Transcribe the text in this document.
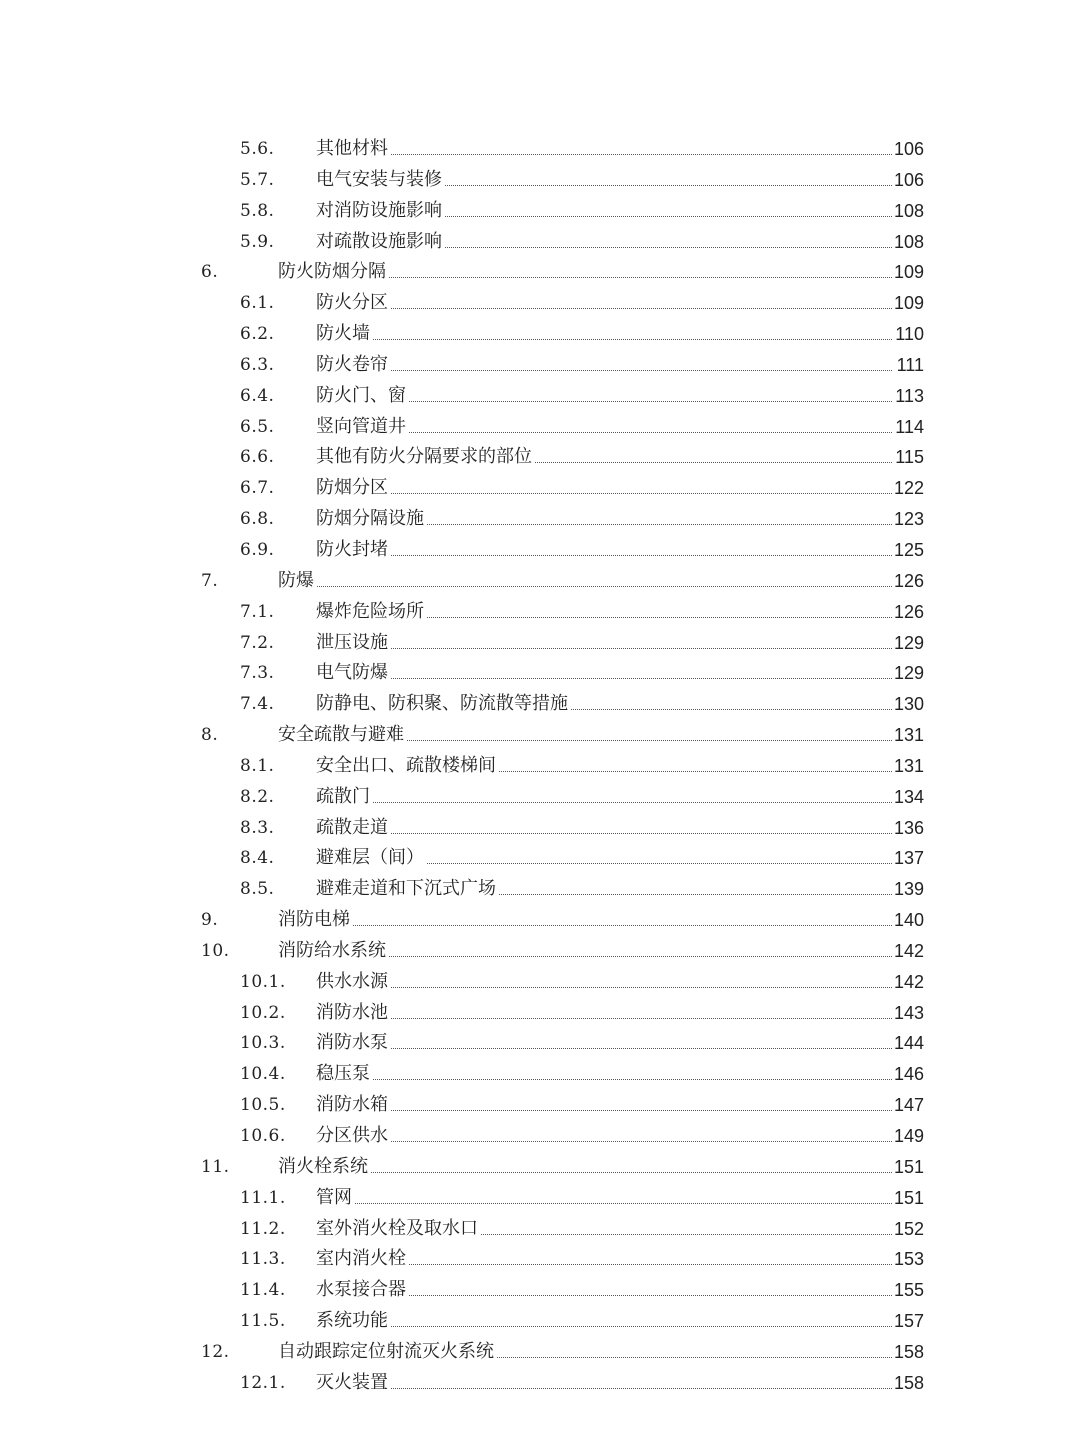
5.6. 其他材料	106
5.7. 电气安装与装修	106
5.8. 对消防设施影响	108
5.9. 对疏散设施影响	108
6.	防火防烟分隔	109
6.1. 防火分区	109
6.2. 防火墙	110
6.3. 防火卷帘	111
6.4. 防火门、窗	113
6.5. 竖向管道井	114
6.6. 其他有防火分隔要求的部位	115
6.7. 防烟分区	122
6.8. 防烟分隔设施	123
6.9. 防火封堵	125
7.	防爆	126
7.1. 爆炸危险场所	126
7.2. 泄压设施	129
7.3. 电气防爆	129
7.4. 防静电、防积聚、防流散等措施	130
8.	安全疏散与避难	131
8.1. 安全出口、疏散楼梯间	131
8.2. 疏散门	134
8.3. 疏散走道	136
8.4. 避难层（间）	137
8.5. 避难走道和下沉式广场	139
9.	消防电梯	140
10.	消防给水系统	142
10.1. 供水水源	142
10.2. 消防水池	143
10.3. 消防水泵	144
10.4. 稳压泵	146
10.5. 消防水箱	147
10.6. 分区供水	149
11.	消火栓系统	151
11.1. 管网	151
11.2. 室外消火栓及取水口	152
11.3. 室内消火栓	153
11.4. 水泵接合器	155
11.5. 系统功能	157
12.	自动跟踪定位射流灭火系统	158
12.1. 灭火装置	158
